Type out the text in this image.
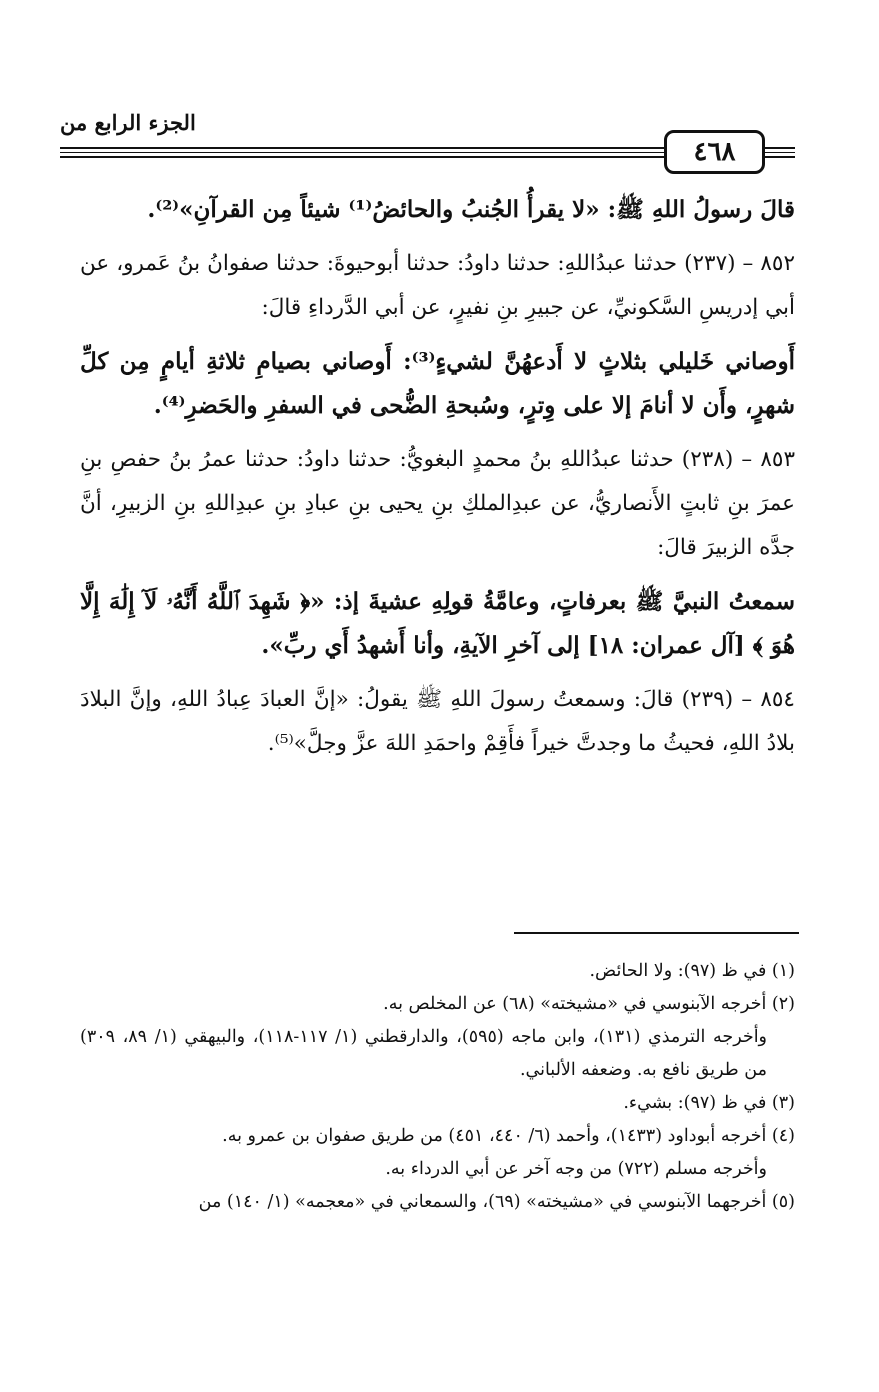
٤٦٨
الجزء الرابع من

قالَ رسولُ اللهِ ﷺ: «لا يقرأُ الجُنبُ والحائضُ⁽¹⁾ شيئاً مِن القرآنِ»⁽²⁾.

٨٥٢ – (٢٣٧) حدثنا عبدُاللهِ: حدثنا داودُ: حدثنا أبوحيوةَ: حدثنا صفوانُ بنُ عَمرو، عن أبي إدريسِ السَّكونيِّ، عن جبيرِ بنِ نفيرٍ، عن أبي الدَّرداءِ قالَ:

أَوصاني خَليلي بثلاثٍ لا أَدعهُنَّ لشيءٍ⁽³⁾: أَوصاني بصيامِ ثلاثةِ أيامٍ مِن كلِّ شهرٍ، وأَن لا أنامَ إلا على وِترٍ، وسُبحةِ الضُّحى في السفرِ والحَضرِ⁽⁴⁾.

٨٥٣ – (٢٣٨) حدثنا عبدُاللهِ بنُ محمدٍ البغويُّ: حدثنا داودُ: حدثنا عمرُ بنُ حفصِ بنِ عمرَ بنِ ثابتٍ الأَنصاريُّ، عن عبدِالملكِ بنِ يحيى بنِ عبادِ بنِ عبدِاللهِ بنِ الزبيرِ، أنَّ جدَّه الزبيرَ قالَ:

سمعتُ النبيَّ ﷺ بعرفاتٍ، وعامَّةُ قولِهِ عشيةَ إذ: «﴿ شَهِدَ ٱللَّهُ أَنَّهُۥ لَآ إِلَٰهَ إِلَّا هُوَ ﴾ [آل عمران: ١٨] إلى آخرِ الآيةِ، وأنا أَشهدُ أَي ربِّ».

٨٥٤ – (٢٣٩) قالَ: وسمعتُ رسولَ اللهِ ﷺ يقولُ: «إنَّ العبادَ عِبادُ اللهِ، وإنَّ البلادَ بلادُ اللهِ، فحيثُ ما وجدتَّ خيراً فأَقِمْ واحمَدِ اللهَ عزَّ وجلَّ»⁽⁵⁾.

(١) في ظ (٩٧): ولا الحائض.

(٢) أخرجه الآبنوسي في «مشيخته» (٦٨) عن المخلص به.

وأخرجه الترمذي (١٣١)، وابن ماجه (٥٩٥)، والدارقطني (١/ ١١٧-١١٨)، والبيهقي (١/ ٨٩، ٣٠٩) من طريق نافع به. وضعفه الألباني.

(٣) في ظ (٩٧): بشيء.

(٤) أخرجه أبوداود (١٤٣٣)، وأحمد (٦/ ٤٤٠، ٤٥١) من طريق صفوان بن عمرو به.

وأخرجه مسلم (٧٢٢) من وجه آخر عن أبي الدرداء به.

(٥) أخرجهما الآبنوسي في «مشيخته» (٦٩)، والسمعاني في «معجمه» (١/ ١٤٠) من
